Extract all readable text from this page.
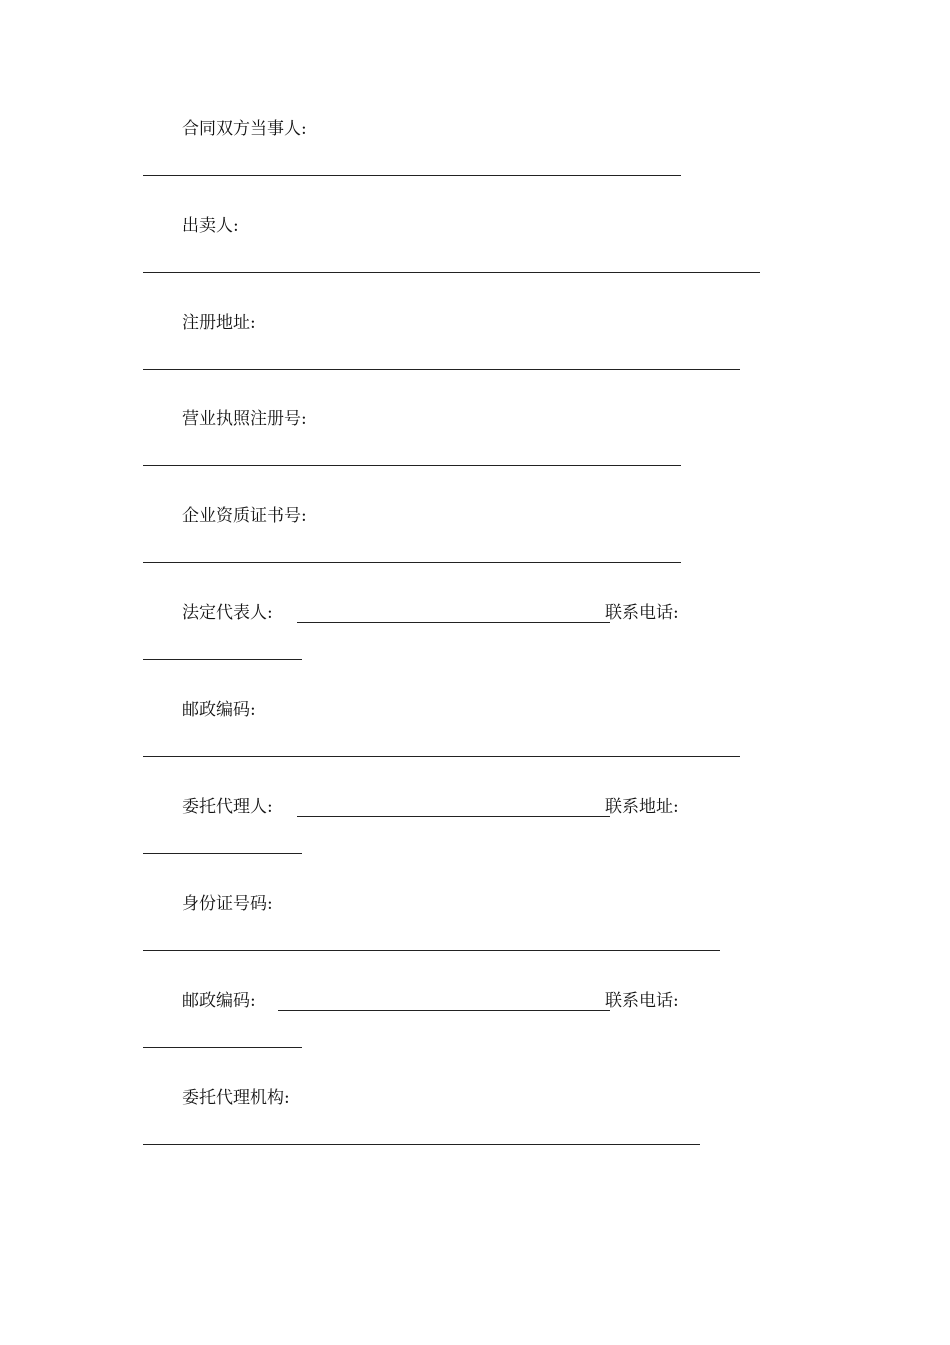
合同双方当事人:
出卖人:
注册地址:
营业执照注册号:
企业资质证书号:
法定代表人:	联系电话:
邮政编码:
委托代理人:	联系地址:
身份证号码:
邮政编码:	联系电话:
委托代理机构:
